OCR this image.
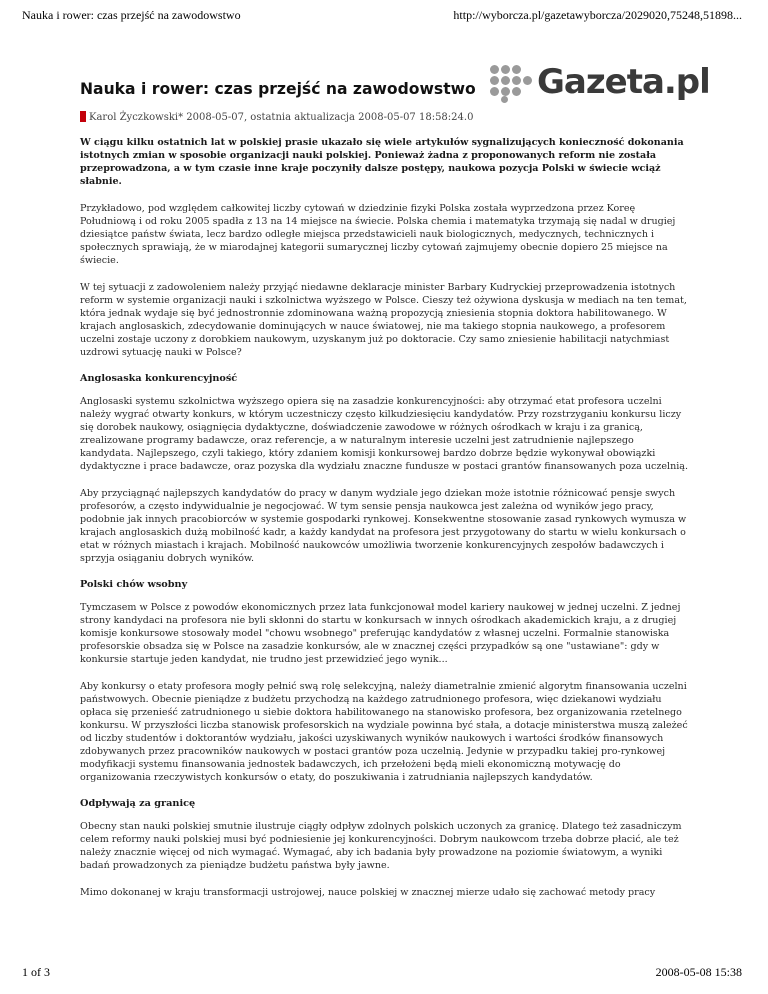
Nauka i rower: czas przejść na zawodowstwo	http://wyborcza.pl/gazetawyborcza/2029020,75248,51898...
Gazeta.pl
Nauka i rower: czas przejść na zawodowstwo
Karol Życzkowski* 2008-05-07, ostatnia aktualizacja 2008-05-07 18:58:24.0

W ciągu kilku ostatnich lat w polskiej prasie ukazało się wiele artykułów sygnalizujących konieczność dokonania istotnych zmian w sposobie organizacji nauki polskiej. Ponieważ żadna z proponowanych reform nie została przeprowadzona, a w tym czasie inne kraje poczyniły dalsze postępy, naukowa pozycja Polski w świecie wciąż słabnie.

Przykładowo, pod względem całkowitej liczby cytowań w dziedzinie fizyki Polska została wyprzedzona przez Koreę Południową i od roku 2005 spadła z 13 na 14 miejsce na świecie. Polska chemia i matematyka trzymają się nadal w drugiej dziesiątce państw świata, lecz bardzo odległe miejsca przedstawicieli nauk biologicznych, medycznych, technicznych i społecznych sprawiają, że w miarodajnej kategorii sumarycznej liczby cytowań zajmujemy obecnie dopiero 25 miejsce na świecie.

W tej sytuacji z zadowoleniem należy przyjąć niedawne deklaracje minister Barbary Kudryckiej przeprowadzenia istotnych reform w systemie organizacji nauki i szkolnictwa wyższego w Polsce. Cieszy też ożywiona dyskusja w mediach na ten temat, która jednak wydaje się być jednostronnie zdominowana ważną propozycją zniesienia stopnia doktora habilitowanego. W krajach anglosaskich, zdecydowanie dominujących w nauce światowej, nie ma takiego stopnia naukowego, a profesorem uczelni zostaje uczony z dorobkiem naukowym, uzyskanym już po doktoracie. Czy samo zniesienie habilitacji natychmiast uzdrowi sytuację nauki w Polsce?

Anglosaska konkurencyjność

Anglosaski systemu szkolnictwa wyższego opiera się na zasadzie konkurencyjności: aby otrzymać etat profesora uczelni należy wygrać otwarty konkurs, w którym uczestniczy często kilkudziesięciu kandydatów. Przy rozstrzyganiu konkursu liczy się dorobek naukowy, osiągnięcia dydaktyczne, doświadczenie zawodowe w różnych ośrodkach w kraju i za granicą, zrealizowane programy badawcze, oraz referencje, a w naturalnym interesie uczelni jest zatrudnienie najlepszego kandydata. Najlepszego, czyli takiego, który zdaniem komisji konkursowej bardzo dobrze będzie wykonywał obowiązki dydaktyczne i prace badawcze, oraz pozyska dla wydziału znaczne fundusze w postaci grantów finansowanych poza uczelnią.

Aby przyciągnąć najlepszych kandydatów do pracy w danym wydziale jego dziekan może istotnie różnicować pensje swych profesorów, a często indywidualnie je negocjować. W tym sensie pensja naukowca jest zależna od wyników jego pracy, podobnie jak innych pracobiorców w systemie gospodarki rynkowej. Konsekwentne stosowanie zasad rynkowych wymusza w krajach anglosaskich dużą mobilność kadr, a każdy kandydat na profesora jest przygotowany do startu w wielu konkursach o etat w różnych miastach i krajach. Mobilność naukowców umożliwia tworzenie konkurencyjnych zespołów badawczych i sprzyja osiąganiu dobrych wyników.

Polski chów wsobny

Tymczasem w Polsce z powodów ekonomicznych przez lata funkcjonował model kariery naukowej w jednej uczelni. Z jednej strony kandydaci na profesora nie byli skłonni do startu w konkursach w innych ośrodkach akademickich kraju, a z drugiej komisje konkursowe stosowały model "chowu wsobnego" preferując kandydatów z własnej uczelni. Formalnie stanowiska profesorskie obsadza się w Polsce na zasadzie konkursów, ale w znacznej części przypadków są one "ustawiane": gdy w konkursie startuje jeden kandydat, nie trudno jest przewidzieć jego wynik...

Aby konkursy o etaty profesora mogły pełnić swą rolę selekcyjną, należy diametralnie zmienić algorytm finansowania uczelni państwowych. Obecnie pieniądze z budżetu przychodzą na każdego zatrudnionego profesora, więc dziekanowi wydziału opłaca się przenieść zatrudnionego u siebie doktora habilitowanego na stanowisko profesora, bez organizowania rzetelnego konkursu. W przyszłości liczba stanowisk profesorskich na wydziale powinna być stała, a dotacje ministerstwa muszą zależeć od liczby studentów i doktorantów wydziału, jakości uzyskiwanych wyników naukowych i wartości środków finansowych zdobywanych przez pracowników naukowych w postaci grantów poza uczelnią. Jedynie w przypadku takiej pro-rynkowej modyfikacji systemu finansowania jednostek badawczych, ich przełożeni będą mieli ekonomiczną motywację do organizowania rzeczywistych konkursów o etaty, do poszukiwania i zatrudniania najlepszych kandydatów.

Odpływają za granicę

Obecny stan nauki polskiej smutnie ilustruje ciągły odpływ zdolnych polskich uczonych za granicę. Dlatego też zasadniczym celem reformy nauki polskiej musi być podniesienie jej konkurencyjności. Dobrym naukowcom trzeba dobrze płacić, ale też należy znacznie więcej od nich wymagać. Wymagać, aby ich badania były prowadzone na poziomie światowym, a wyniki badań prowadzonych za pieniądze budżetu państwa były jawne.

Mimo dokonanej w kraju transformacji ustrojowej, nauce polskiej w znacznej mierze udało się zachować metody pracy

1 of 3	2008-05-08 15:38
